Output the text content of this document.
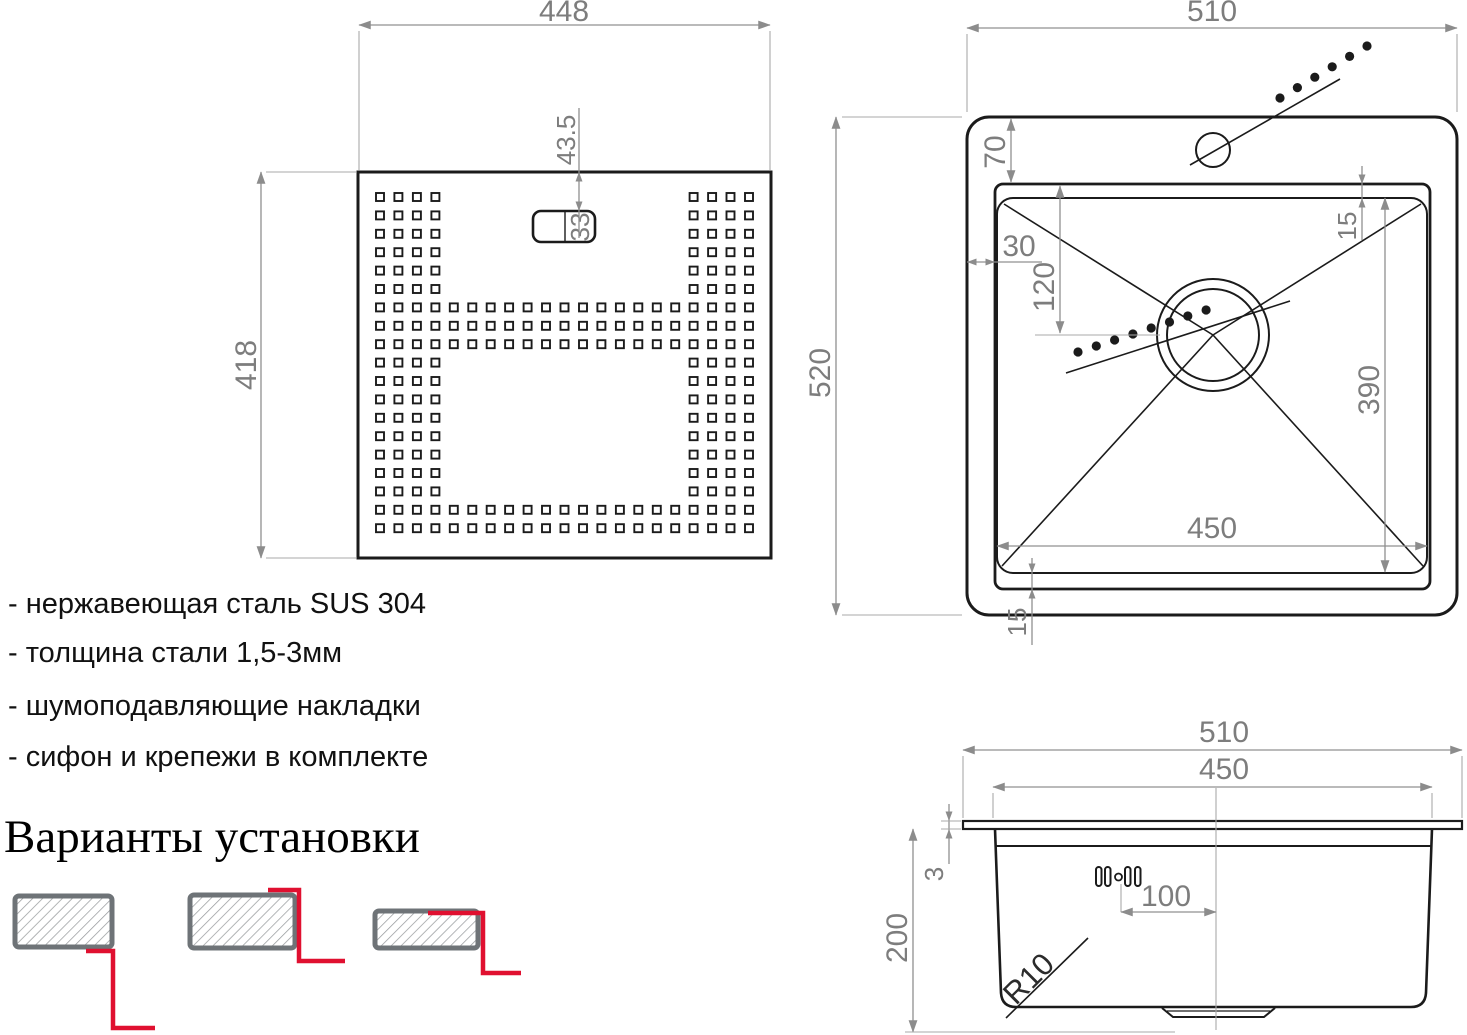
33
448
418
43.5
- нержавеющая сталь SUS 304
- толщина стали 1,5-3мм
- шумоподавляющие накладки
- сифон и крепежи в комплекте
Варианты установки
510
520
70
30
120
15
390
450
15
100
510
450
3
200
R10
